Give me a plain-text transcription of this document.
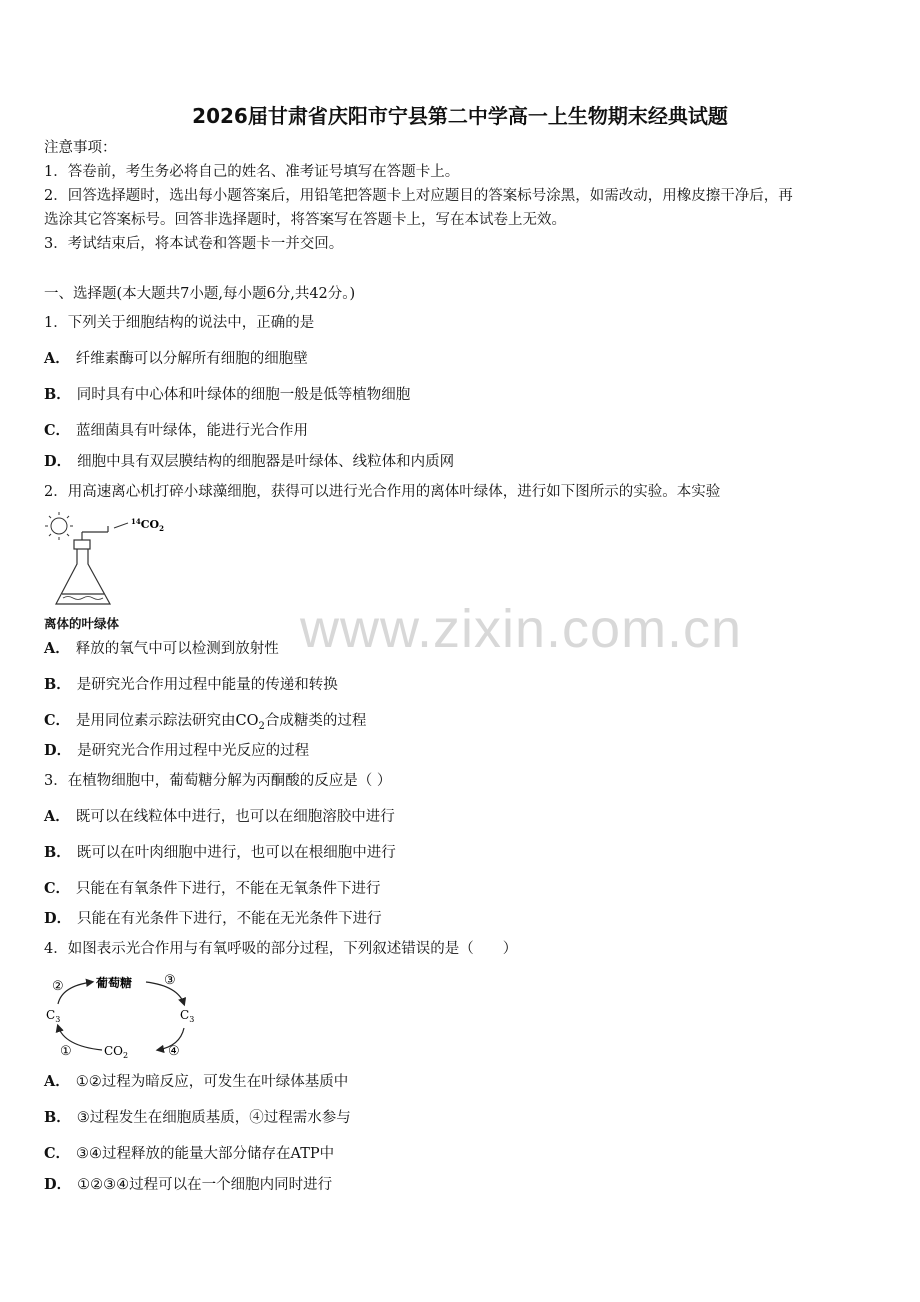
www.zixin.com.cn
2026届甘肃省庆阳市宁县第二中学高一上生物期末经典试题
注意事项：
1．答卷前，考生务必将自己的姓名、准考证号填写在答题卡上。
2．回答选择题时，选出每小题答案后，用铅笔把答题卡上对应题目的答案标号涂黑，如需改动，用橡皮擦干净后，再
选涂其它答案标号。回答非选择题时，将答案写在答题卡上，写在本试卷上无效。
3．考试结束后，将本试卷和答题卡一并交回。
一、选择题(本大题共7小题,每小题6分,共42分。)
1．下列关于细胞结构的说法中，正确的是
A． 纤维素酶可以分解所有细胞的细胞壁
B． 同时具有中心体和叶绿体的细胞一般是低等植物细胞
C． 蓝细菌具有叶绿体，能进行光合作用
D． 细胞中具有双层膜结构的细胞器是叶绿体、线粒体和内质网
2．用高速离心机打碎小球藻细胞，获得可以进行光合作用的离体叶绿体，进行如下图所示的实验。本实验
$^{14}CO_2$
离体的叶绿体
A． 释放的氧气中可以检测到放射性
B． 是研究光合作用过程中能量的传递和转换
C． 是用同位素示踪法研究由$CO_2$合成糖类的过程
D． 是研究光合作用过程中光反应的过程
3．在植物细胞中，葡萄糖分解为丙酮酸的反应是（ ）
A． 既可以在线粒体中进行，也可以在细胞溶胶中进行
B． 既可以在叶肉细胞中进行，也可以在根细胞中进行
C． 只能在有氧条件下进行，不能在无氧条件下进行
D． 只能在有光条件下进行，不能在无光条件下进行
4．如图表示光合作用与有氧呼吸的部分过程，下列叙述错误的是（　　）
葡萄糖
$C_3$	$C_3$
$CO_2$
②	③
①	④
A． ①②过程为暗反应，可发生在叶绿体基质中
B． ③过程发生在细胞质基质，④过程需水参与
C． ③④过程释放的能量大部分储存在ATP中
D． ①②③④过程可以在一个细胞内同时进行
